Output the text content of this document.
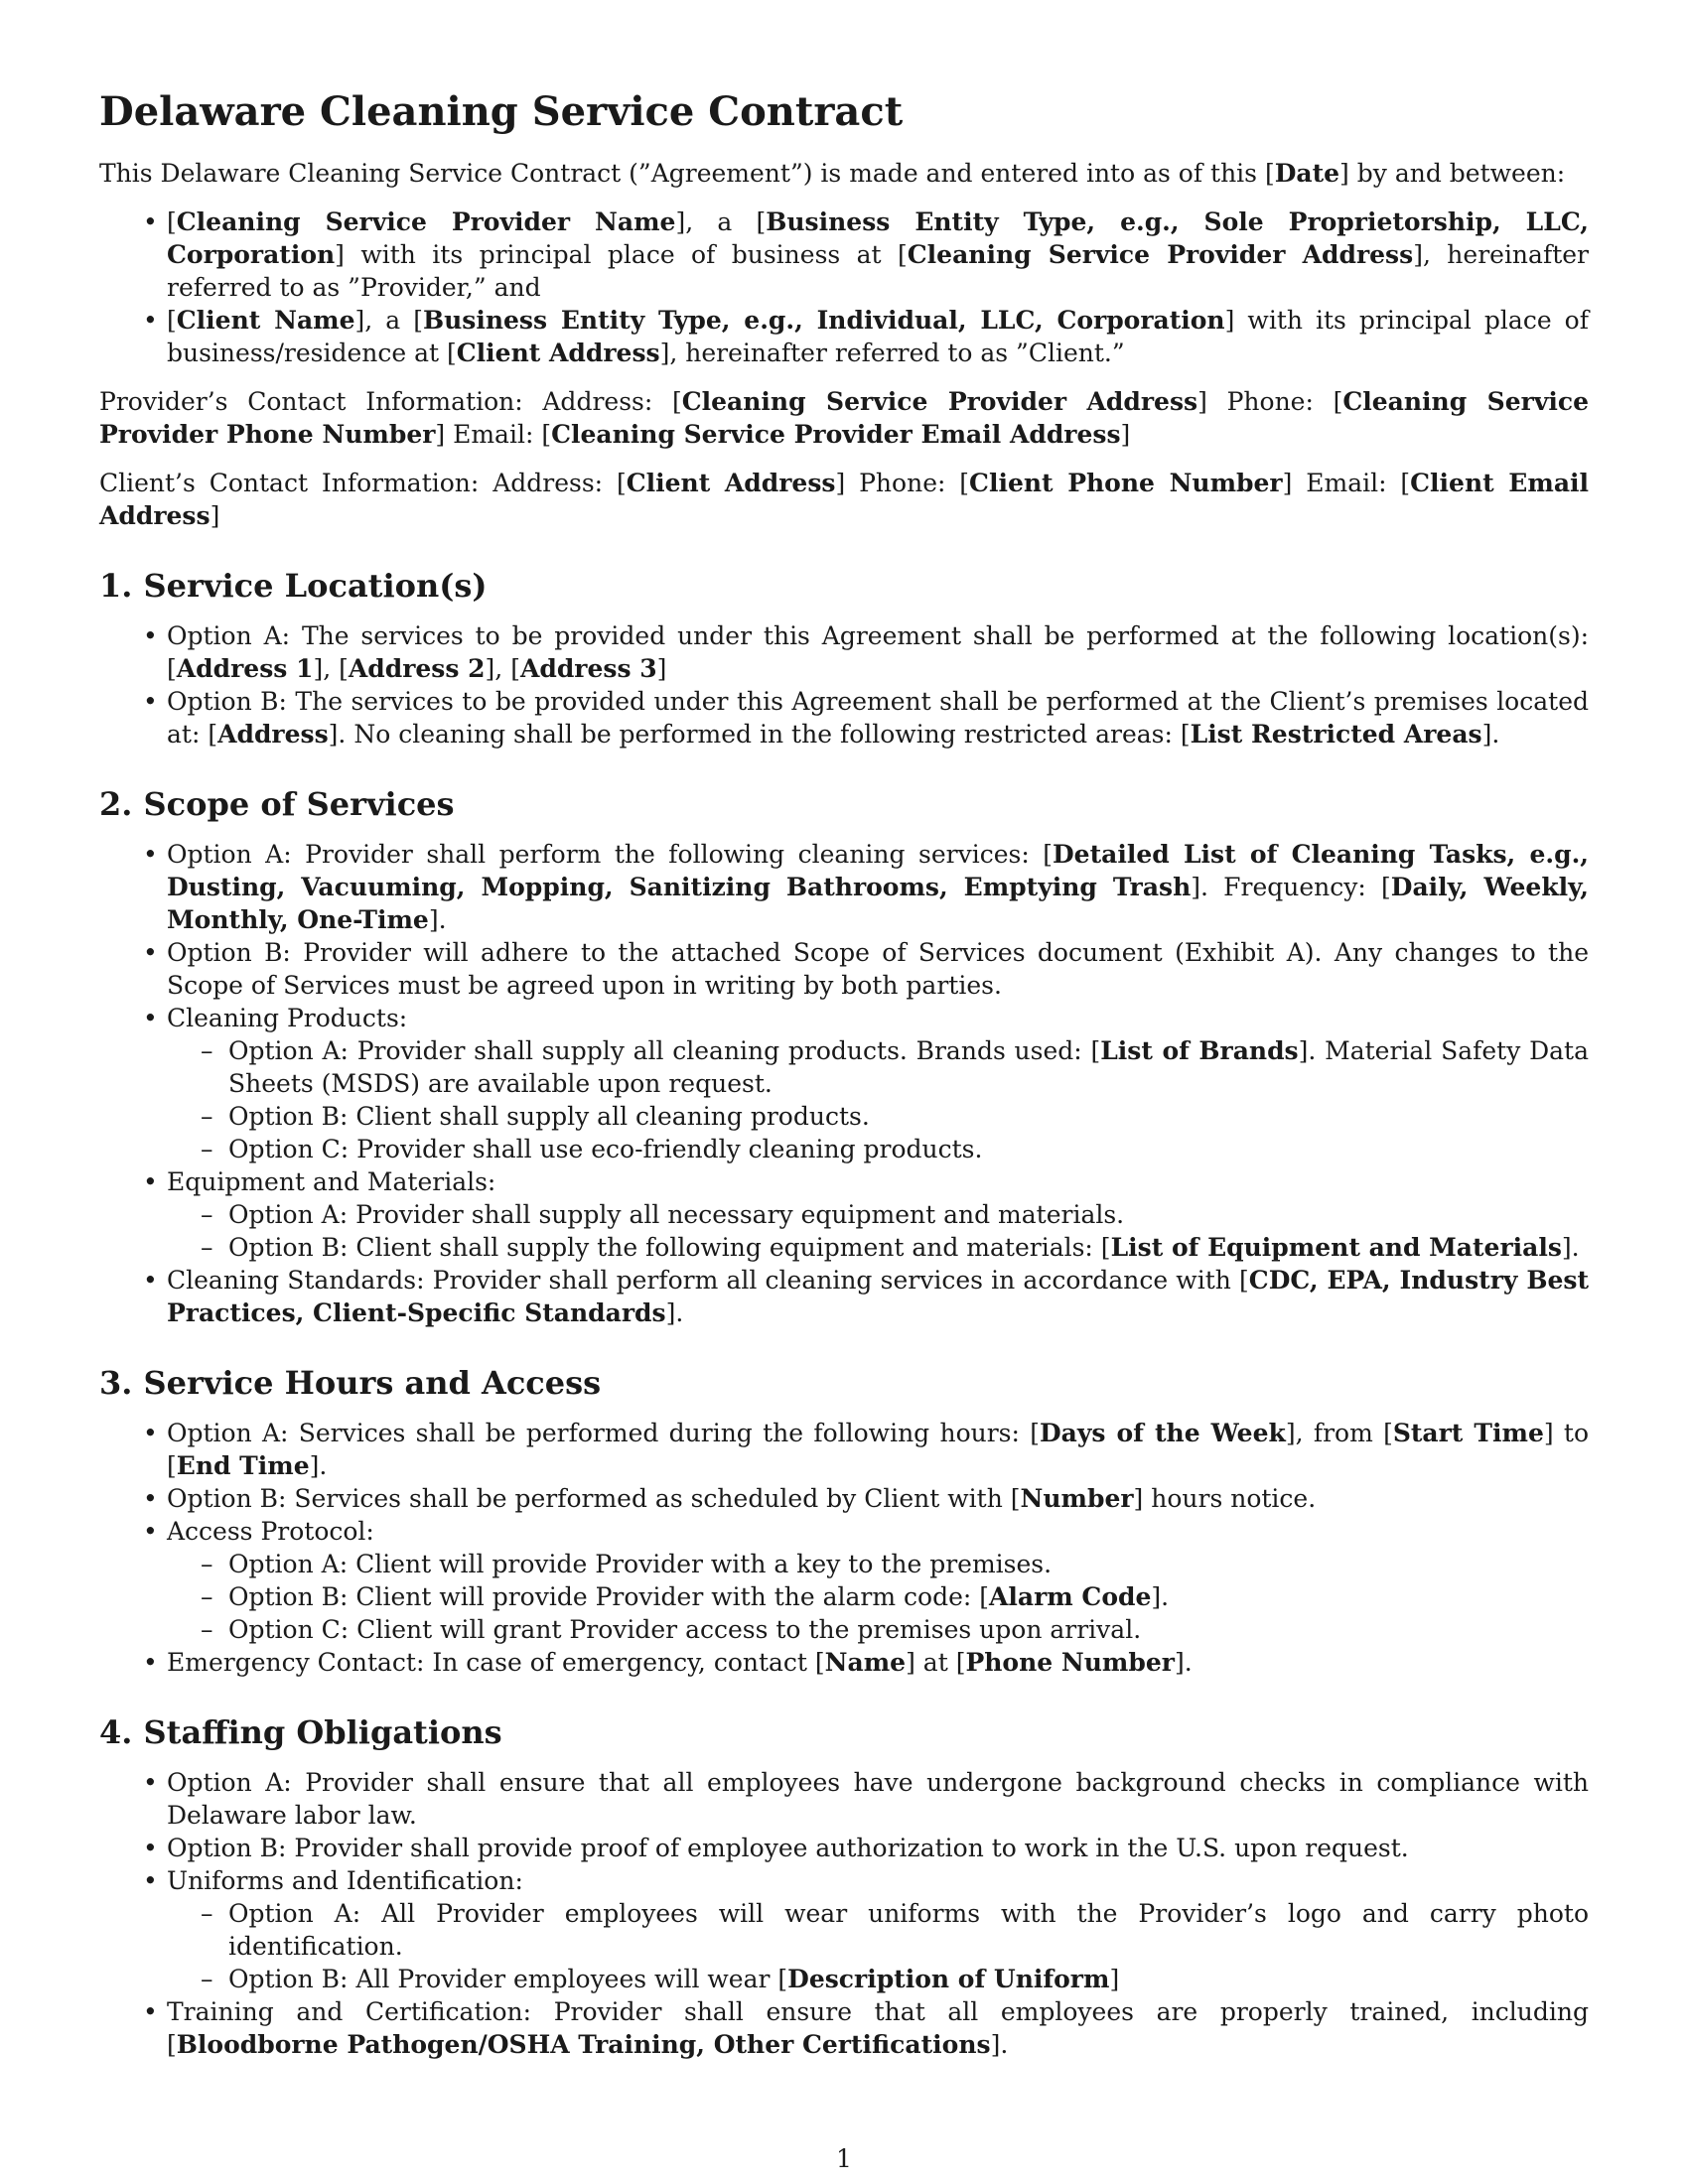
Delaware Cleaning Service Contract

This Delaware Cleaning Service Contract (”Agreement”) is made and entered into as of this [Date] by and between:

• [Cleaning Service Provider Name], a [Business Entity Type, e.g., Sole Proprietorship, LLC, Corporation] with its principal place of business at [Cleaning Service Provider Address], hereinafter referred to as ”Provider,” and
• [Client Name], a [Business Entity Type, e.g., Individual, LLC, Corporation] with its principal place of business/residence at [Client Address], hereinafter referred to as ”Client.”

Provider’s Contact Information: Address: [Cleaning Service Provider Address] Phone: [Cleaning Service Provider Phone Number] Email: [Cleaning Service Provider Email Address]

Client’s Contact Information: Address: [Client Address] Phone: [Client Phone Number] Email: [Client Email Address]

1. Service Location(s)
• Option A: The services to be provided under this Agreement shall be performed at the following location(s): [Address 1], [Address 2], [Address 3]
• Option B: The services to be provided under this Agreement shall be performed at the Client’s premises located at: [Address]. No cleaning shall be performed in the following restricted areas: [List Restricted Areas].
2. Scope of Services
• Option A: Provider shall perform the following cleaning services: [Detailed List of Cleaning Tasks, e.g., Dusting, Vacuuming, Mopping, Sanitizing Bathrooms, Emptying Trash]. Frequency: [Daily, Weekly, Monthly, One-Time].
• Option B: Provider will adhere to the attached Scope of Services document (Exhibit A). Any changes to the Scope of Services must be agreed upon in writing by both parties.
• Cleaning Products:
– Option A: Provider shall supply all cleaning products. Brands used: [List of Brands]. Material Safety Data Sheets (MSDS) are available upon request.
– Option B: Client shall supply all cleaning products.
– Option C: Provider shall use eco-friendly cleaning products.
• Equipment and Materials:
– Option A: Provider shall supply all necessary equipment and materials.
– Option B: Client shall supply the following equipment and materials: [List of Equipment and Materials].
• Cleaning Standards: Provider shall perform all cleaning services in accordance with [CDC, EPA, Industry Best Practices, Client-Specific Standards].
3. Service Hours and Access
• Option A: Services shall be performed during the following hours: [Days of the Week], from [Start Time] to [End Time].
• Option B: Services shall be performed as scheduled by Client with [Number] hours notice.
• Access Protocol:
– Option A: Client will provide Provider with a key to the premises.
– Option B: Client will provide Provider with the alarm code: [Alarm Code].
– Option C: Client will grant Provider access to the premises upon arrival.
• Emergency Contact: In case of emergency, contact [Name] at [Phone Number].
4. Staffing Obligations
• Option A: Provider shall ensure that all employees have undergone background checks in compliance with Delaware labor law.
• Option B: Provider shall provide proof of employee authorization to work in the U.S. upon request.
• Uniforms and Identification:
– Option A: All Provider employees will wear uniforms with the Provider’s logo and carry photo identification.
– Option B: All Provider employees will wear [Description of Uniform]
• Training and Certification: Provider shall ensure that all employees are properly trained, including [Bloodborne Pathogen/OSHA Training, Other Certifications].
1
